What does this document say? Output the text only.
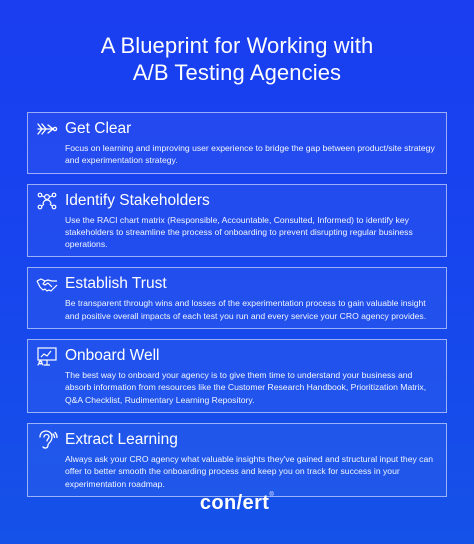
A Blueprint for Working with
A/B Testing Agencies
Get Clear
Focus on learning and improving user experience to bridge the gap between product/site strategy and experimentation strategy.
Identify Stakeholders
Use the RACI chart matrix (Responsible, Accountable, Consulted, Informed) to identify key stakeholders to streamline the process of onboarding to prevent disrupting regular business operations.
Establish Trust
Be transparent through wins and losses of the experimentation process to gain valuable insight and positive overall impacts of each test you run and every service your CRO agency provides.
Onboard Well
The best way to onboard your agency is to give them time to understand your business and absorb information from resources like the Customer Research Handbook, Prioritization Matrix, Q&A Checklist, Rudimentary Learning Repository.
Extract Learning
Always ask your CRO agency what valuable insights they've gained and structural input they can offer to better smooth the onboarding process and keep you on track for success in your experimentation roadmap.
con/ert®
